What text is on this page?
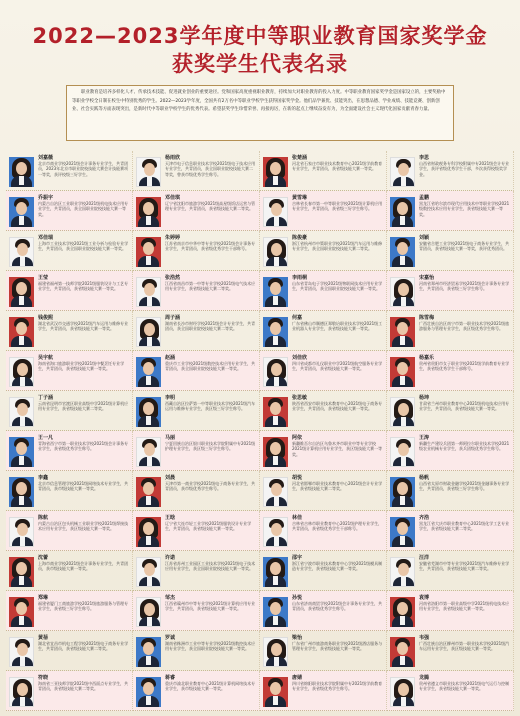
2022—2023学年度中等职业教育国家奖学金
获奖学生代表名录
职业教育是培养多样化人才、传承技术技能、促进就业创业的重要途径。党和国家高度重视职业教育，持续加大对职业教育的投入力度。中等职业教育国家奖学金是国家设立的，主要奖励中等职业学校全日制在校生中特别优秀的学生。2022—2023学年度，全国共有2万名中等职业学校学生获得国家奖学金。他们品学兼优、技能突出，在思想品德、学业成绩、技能竞赛、创新创业、社会实践等方面表现突出，是新时代中等职业学校学生的优秀代表。希望获奖学生珍惜荣誉、再接再厉，在新的起点上继续奋发有为，为全面建设社会主义现代化国家贡献青春力量。
刘嘉薇
北京市商业学校2021级会计事务专业学生，共青团员，2023年北京市职业院校技能大赛会计技能赛项一等奖，获评校级三好学生。
杨雨欣
天津市电子信息职业技术学校2021级电子技术应用专业学生，共青团员，获全国职业院校技能大赛二等奖，曾获市级优秀学生称号。
张楚涵
河北省石家庄市职业技术教育中心2021级学前教育专业学生，共青团员，获省级技能大赛一等奖。
李思
山西省财政税务专科学校附属中专2021级会计专业学生，获评省级优秀学生干部，多次获得校级奖学金。
乔振宇
内蒙古自治区工业职业学校2021级机电技术应用专业学生，共青团员，获全国职业院校技能大赛一等奖。
邓佳琪
辽宁省沈阳市旅游学校2021级高星级饭店运营与管理专业学生，共青团员，获省级技能大赛二等奖。
黄雪琳
吉林省长春市第一中等职业学校2021级计算机应用专业学生，共青团员，获省级三好学生称号。
孟鹏
黑龙江省哈尔滨市现代应用技术中等职业学校2021级数控技术应用专业学生，获省级技能大赛一等奖。
邓佳瑞
上海市工业技术学校2021级工业分析与检验专业学生，共青团员，获全国职业院校技能大赛一等奖。
朱婷婷
江苏省南京市中华中等专业学校2021级会计事务专业学生，共青团员，获省级优秀学生干部称号。
陈俊豪
浙江省杭州市中策职业学校2021级汽车运用与维修专业学生，获全国职业院校技能大赛二等奖。
刘颖
安徽省合肥工业学校2021级电子商务专业学生，共青团员，获省级技能大赛一等奖，获评优秀团员。
王莹
福建省福州第一技师学院2021级服装设计与工艺专业学生，共青团员，获省级技能大赛一等奖。
张浩然
江西省南昌市第一中等专业学校2021级电气技术应用专业学生，获省级技能大赛二等奖。
李雨桐
山东省青岛电子学校2021级物联网技术应用专业学生，共青团员，获全国职业院校技能大赛一等奖。
宋嘉怡
河南省郑州市经济贸易学校2021级会计事务专业学生，共青团员，获省级三好学生称号。
钱俊熙
湖北省武汉市交通学校2021级汽车运用与维修专业学生，共青团员，获省级技能大赛一等奖。
周子涵
湖南省长沙市财经学校2021级会计专业学生，共青团员，获全国职业院校技能大赛二等奖。
何嘉
广东省佛山市顺德区郑敬诒职业技术学校2021级工业机器人专业学生，获省级技能大赛一等奖。
陈雪梅
广西壮族自治区南宁市第一职业技术学校2021级旅游服务与管理专业学生，获区级优秀学生称号。
吴宇航
海南省海口旅游职业学校2021级中餐烹饪专业学生，共青团员，获省级技能大赛一等奖。
赵涵
重庆市工业学校2021级数控技术应用专业学生，共青团员，获全国职业院校技能大赛一等奖。
刘佳欣
四川省成都市礼仪职业中学2021级航空服务专业学生，共青团员，获省级技能大赛一等奖。
杨嘉乐
贵州省贵阳市女子职业学校2021级学前教育专业学生，获省级优秀学生干部称号。
丁子涵
云南省昆明市官渡区职业高级中学2021级计算机应用专业学生，获省级技能大赛二等奖。
李明
西藏自治区拉萨第一中等职业技术学校2021级汽车运用与维修专业学生，获区级三好学生称号。
张思敏
陕西省西安市职业技术教育中心2021级电子商务专业学生，共青团员，获省级技能大赛一等奖。
杨坤
甘肃省兰州市职业教育中心2021级机电技术应用专业学生，共青团员，获省级技能大赛一等奖。
王一凡
青海省西宁市第一职业技术学校2021级会计事务专业学生，获省级优秀学生称号。
马丽
宁夏回族自治区银川职业技术学院附属中专2021级护理专业学生，获区级三好学生称号。
阿依
新疆维吾尔自治区乌鲁木齐市职业中等专业学校2021级计算机应用专业学生，获区级技能大赛一等奖。
王涛
新疆生产建设兵团第一师阿拉尔职业技术学校2021级农业机械专业学生，获兵团级优秀学生称号。
李鑫
北京市信息管理学校2021级网络技术专业学生，共青团员，获市级技能大赛一等奖。
刘晨
天津市第一商业学校2021级电子商务专业学生，共青团员，获市级优秀学生称号。
胡悦
河北省邯郸市职业技术教育中心2021级会计专业学生，获省级技能大赛二等奖。
杨帆
山西省太原市财政金融学校2021级金融事务专业学生，共青团员，获省级三好学生称号。
陈航
内蒙古自治区包头机械工业职业学校2021级焊接技术应用专业学生，获区级技能大赛一等奖。
王晗
辽宁省大连市轻工业学校2021级服装设计专业学生，共青团员，获省级技能大赛一等奖。
林佳
吉林省吉林市职业教育中心2021级护理专业学生，共青团员，获省级优秀学生干部称号。
齐浩
黑龙江省大庆市职业教育中心2021级化学工艺专业学生，获省级技能大赛二等奖。
沈蕾
上海市商业学校2021级会计事务专业学生，共青团员，获市级技能大赛一等奖。
许诺
江苏省苏州工业园区工业技术学校2021级电子技术应用专业学生，获全国职业院校技能大赛一等奖。
邵宇
浙江省宁波市职业技术教育中心学校2021级模具制造专业学生，获省级技能大赛一等奖。
汪洋
安徽省芜湖市中等专业学校2021级汽车维修专业学生，共青团员，获省级技能大赛二等奖。
郑琳
福建省厦门工商旅游学校2021级旅游服务与管理专业学生，获省级三好学生称号。
邹杰
江西省赣州市中等专业学校2021级计算机应用专业学生，共青团员，获省级技能大赛一等奖。
孙悦
山东省济南商贸学校2021级会计事务专业学生，共青团员，获省级优秀学生称号。
袁博
河南省洛阳市第一职业高级中学2021级机电技术应用专业学生，获省级技能大赛一等奖。
黄蓓
湖北省宜昌市机电工程学校2021级电子商务专业学生，共青团员，获省级技能大赛二等奖。
罗诚
湖南省株洲市工业中等专业学校2021级数控技术应用专业学生，获全国职业院校技能大赛一等奖。
梁怡
广东省广州市旅游商务职业学校2021级酒店服务与管理专业学生，获省级技能大赛一等奖。
韦强
广西壮族自治区柳州市第一职业技术学校2021级汽车运用专业学生，获区级技能大赛一等奖。
符晓
海南省三亚技师学院2021级中西面点专业学生，共青团员，获省级技能大赛二等奖。
蒋睿
重庆市渝北职业教育中心2021级计算机网络技术专业学生，获市级技能大赛一等奖。
唐婧
四川省绵阳职业技术学院附属中专2021级学前教育专业学生，获省级优秀学生称号。
龙腾
贵州省遵义市职业技术学校2021级电气运行与控制专业学生，获省级技能大赛一等奖。
